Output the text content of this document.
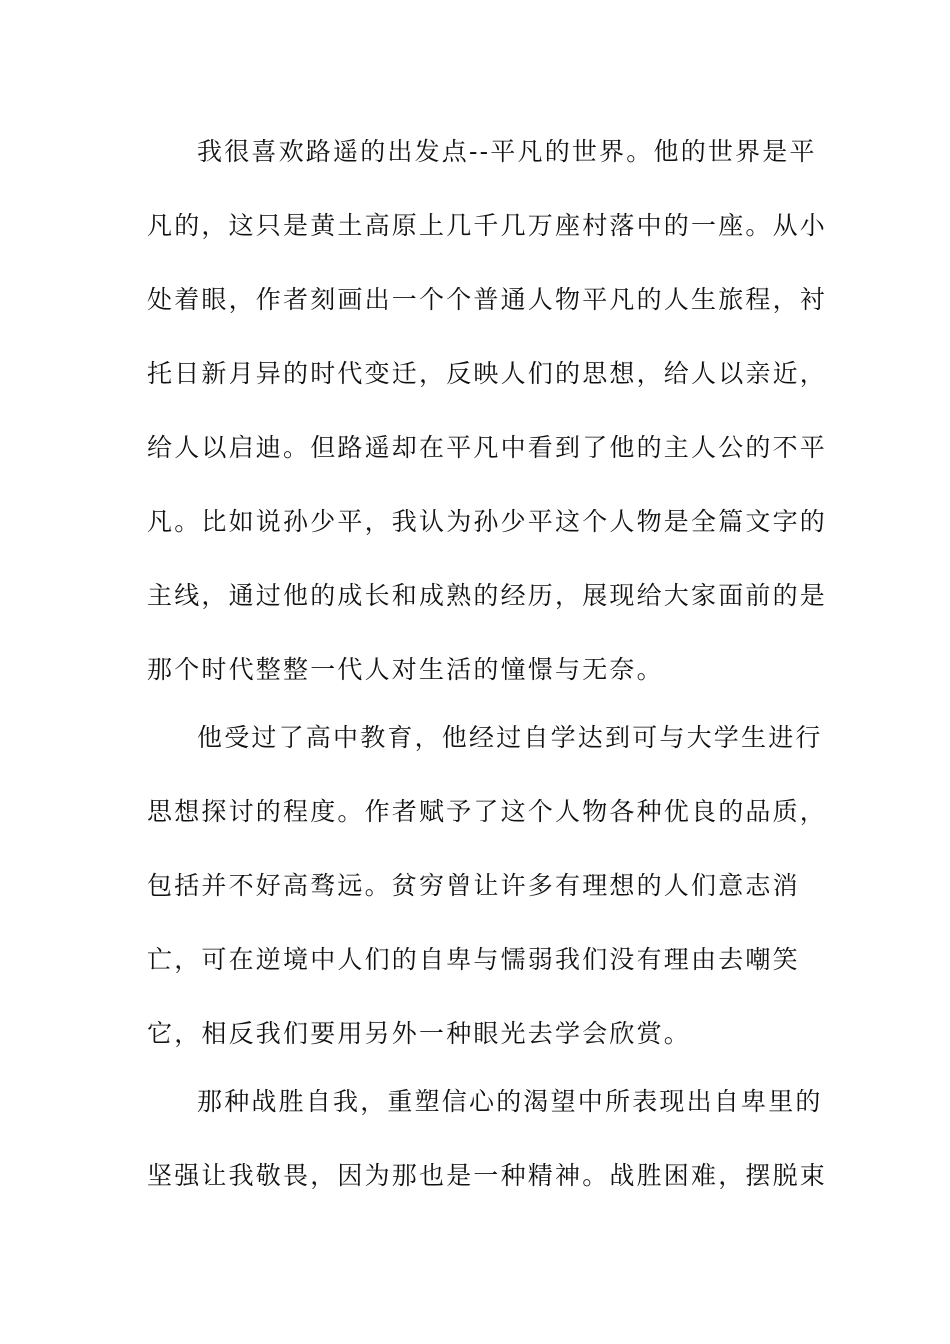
我很喜欢路遥的出发点--平凡的世界。他的世界是平
凡的，这只是黄土高原上几千几万座村落中的一座。从小
处着眼，作者刻画出一个个普通人物平凡的人生旅程，衬
托日新月异的时代变迁，反映人们的思想，给人以亲近，
给人以启迪。但路遥却在平凡中看到了他的主人公的不平
凡。比如说孙少平，我认为孙少平这个人物是全篇文字的
主线，通过他的成长和成熟的经历，展现给大家面前的是
那个时代整整一代人对生活的憧憬与无奈。
他受过了高中教育，他经过自学达到可与大学生进行
思想探讨的程度。作者赋予了这个人物各种优良的品质，
包括并不好高骛远。贫穷曾让许多有理想的人们意志消
亡，可在逆境中人们的自卑与懦弱我们没有理由去嘲笑
它，相反我们要用另外一种眼光去学会欣赏。
那种战胜自我，重塑信心的渴望中所表现出自卑里的
坚强让我敬畏，因为那也是一种精神。战胜困难，摆脱束
